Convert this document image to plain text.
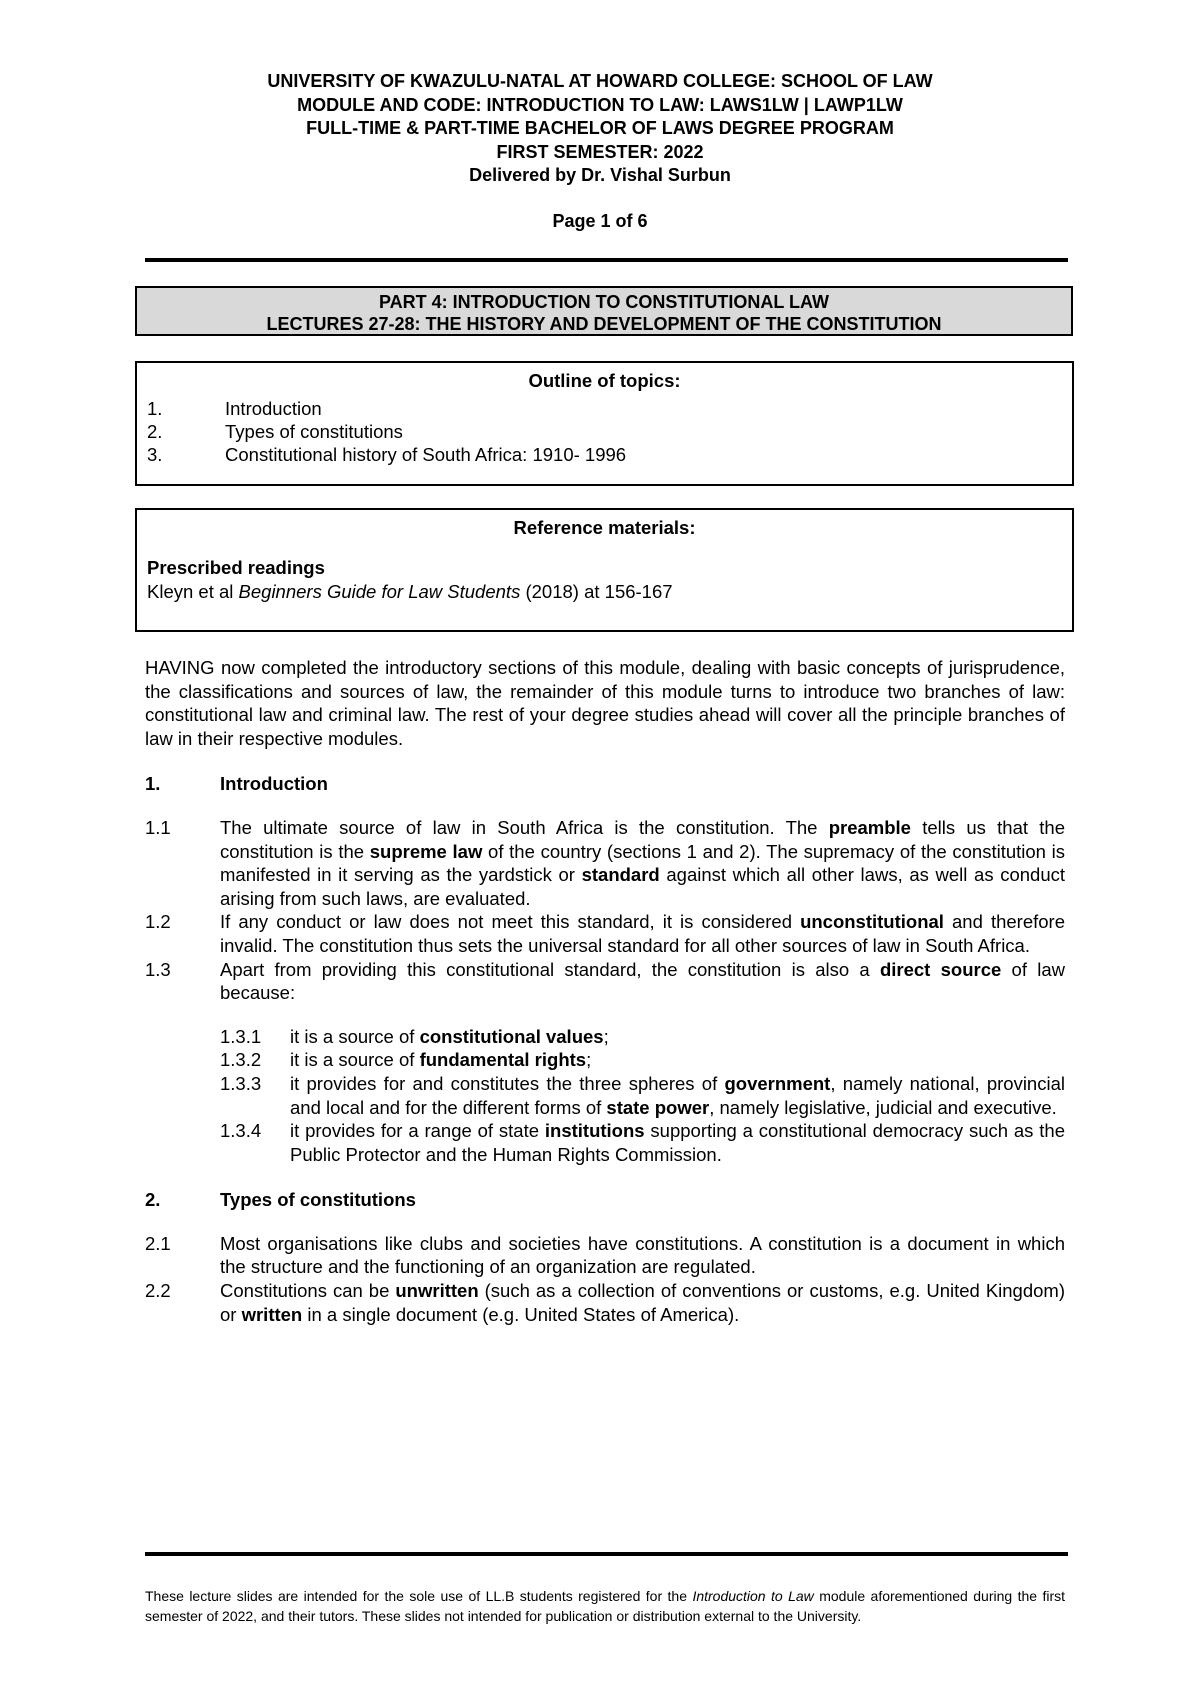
UNIVERSITY OF KWAZULU-NATAL AT HOWARD COLLEGE: SCHOOL OF LAW
MODULE AND CODE: INTRODUCTION TO LAW: LAWS1LW | LAWP1LW
FULL-TIME & PART-TIME BACHELOR OF LAWS DEGREE PROGRAM
FIRST SEMESTER: 2022
Delivered by Dr. Vishal Surbun
Page 1 of 6
PART 4: INTRODUCTION TO CONSTITUTIONAL LAW
LECTURES 27-28: THE HISTORY AND DEVELOPMENT OF THE CONSTITUTION
Outline of topics:
1.	Introduction
2.	Types of constitutions
3.	Constitutional history of South Africa: 1910- 1996
Reference materials:
Prescribed readings
Kleyn et al Beginners Guide for Law Students (2018) at 156-167

HAVING now completed the introductory sections of this module, dealing with basic concepts of jurisprudence, the classifications and sources of law, the remainder of this module turns to introduce two branches of law: constitutional law and criminal law. The rest of your degree studies ahead will cover all the principle branches of law in their respective modules.

1.	Introduction
1.1	The ultimate source of law in South Africa is the constitution. The preamble tells us that the constitution is the supreme law of the country (sections 1 and 2). The supremacy of the constitution is manifested in it serving as the yardstick or standard against which all other laws, as well as conduct arising from such laws, are evaluated.
1.2	If any conduct or law does not meet this standard, it is considered unconstitutional and therefore invalid. The constitution thus sets the universal standard for all other sources of law in South Africa.
1.3	Apart from providing this constitutional standard, the constitution is also a direct source of law because:
1.3.1	it is a source of constitutional values;
1.3.2	it is a source of fundamental rights;
1.3.3	it provides for and constitutes the three spheres of government, namely national, provincial and local and for the different forms of state power, namely legislative, judicial and executive.
1.3.4	it provides for a range of state institutions supporting a constitutional democracy such as the Public Protector and the Human Rights Commission.
2.	Types of constitutions
2.1	Most organisations like clubs and societies have constitutions. A constitution is a document in which the structure and the functioning of an organization are regulated.
2.2	Constitutions can be unwritten (such as a collection of conventions or customs, e.g. United Kingdom) or written in a single document (e.g. United States of America).
These lecture slides are intended for the sole use of LL.B students registered for the Introduction to Law module aforementioned during the first semester of 2022, and their tutors. These slides not intended for publication or distribution external to the University.
